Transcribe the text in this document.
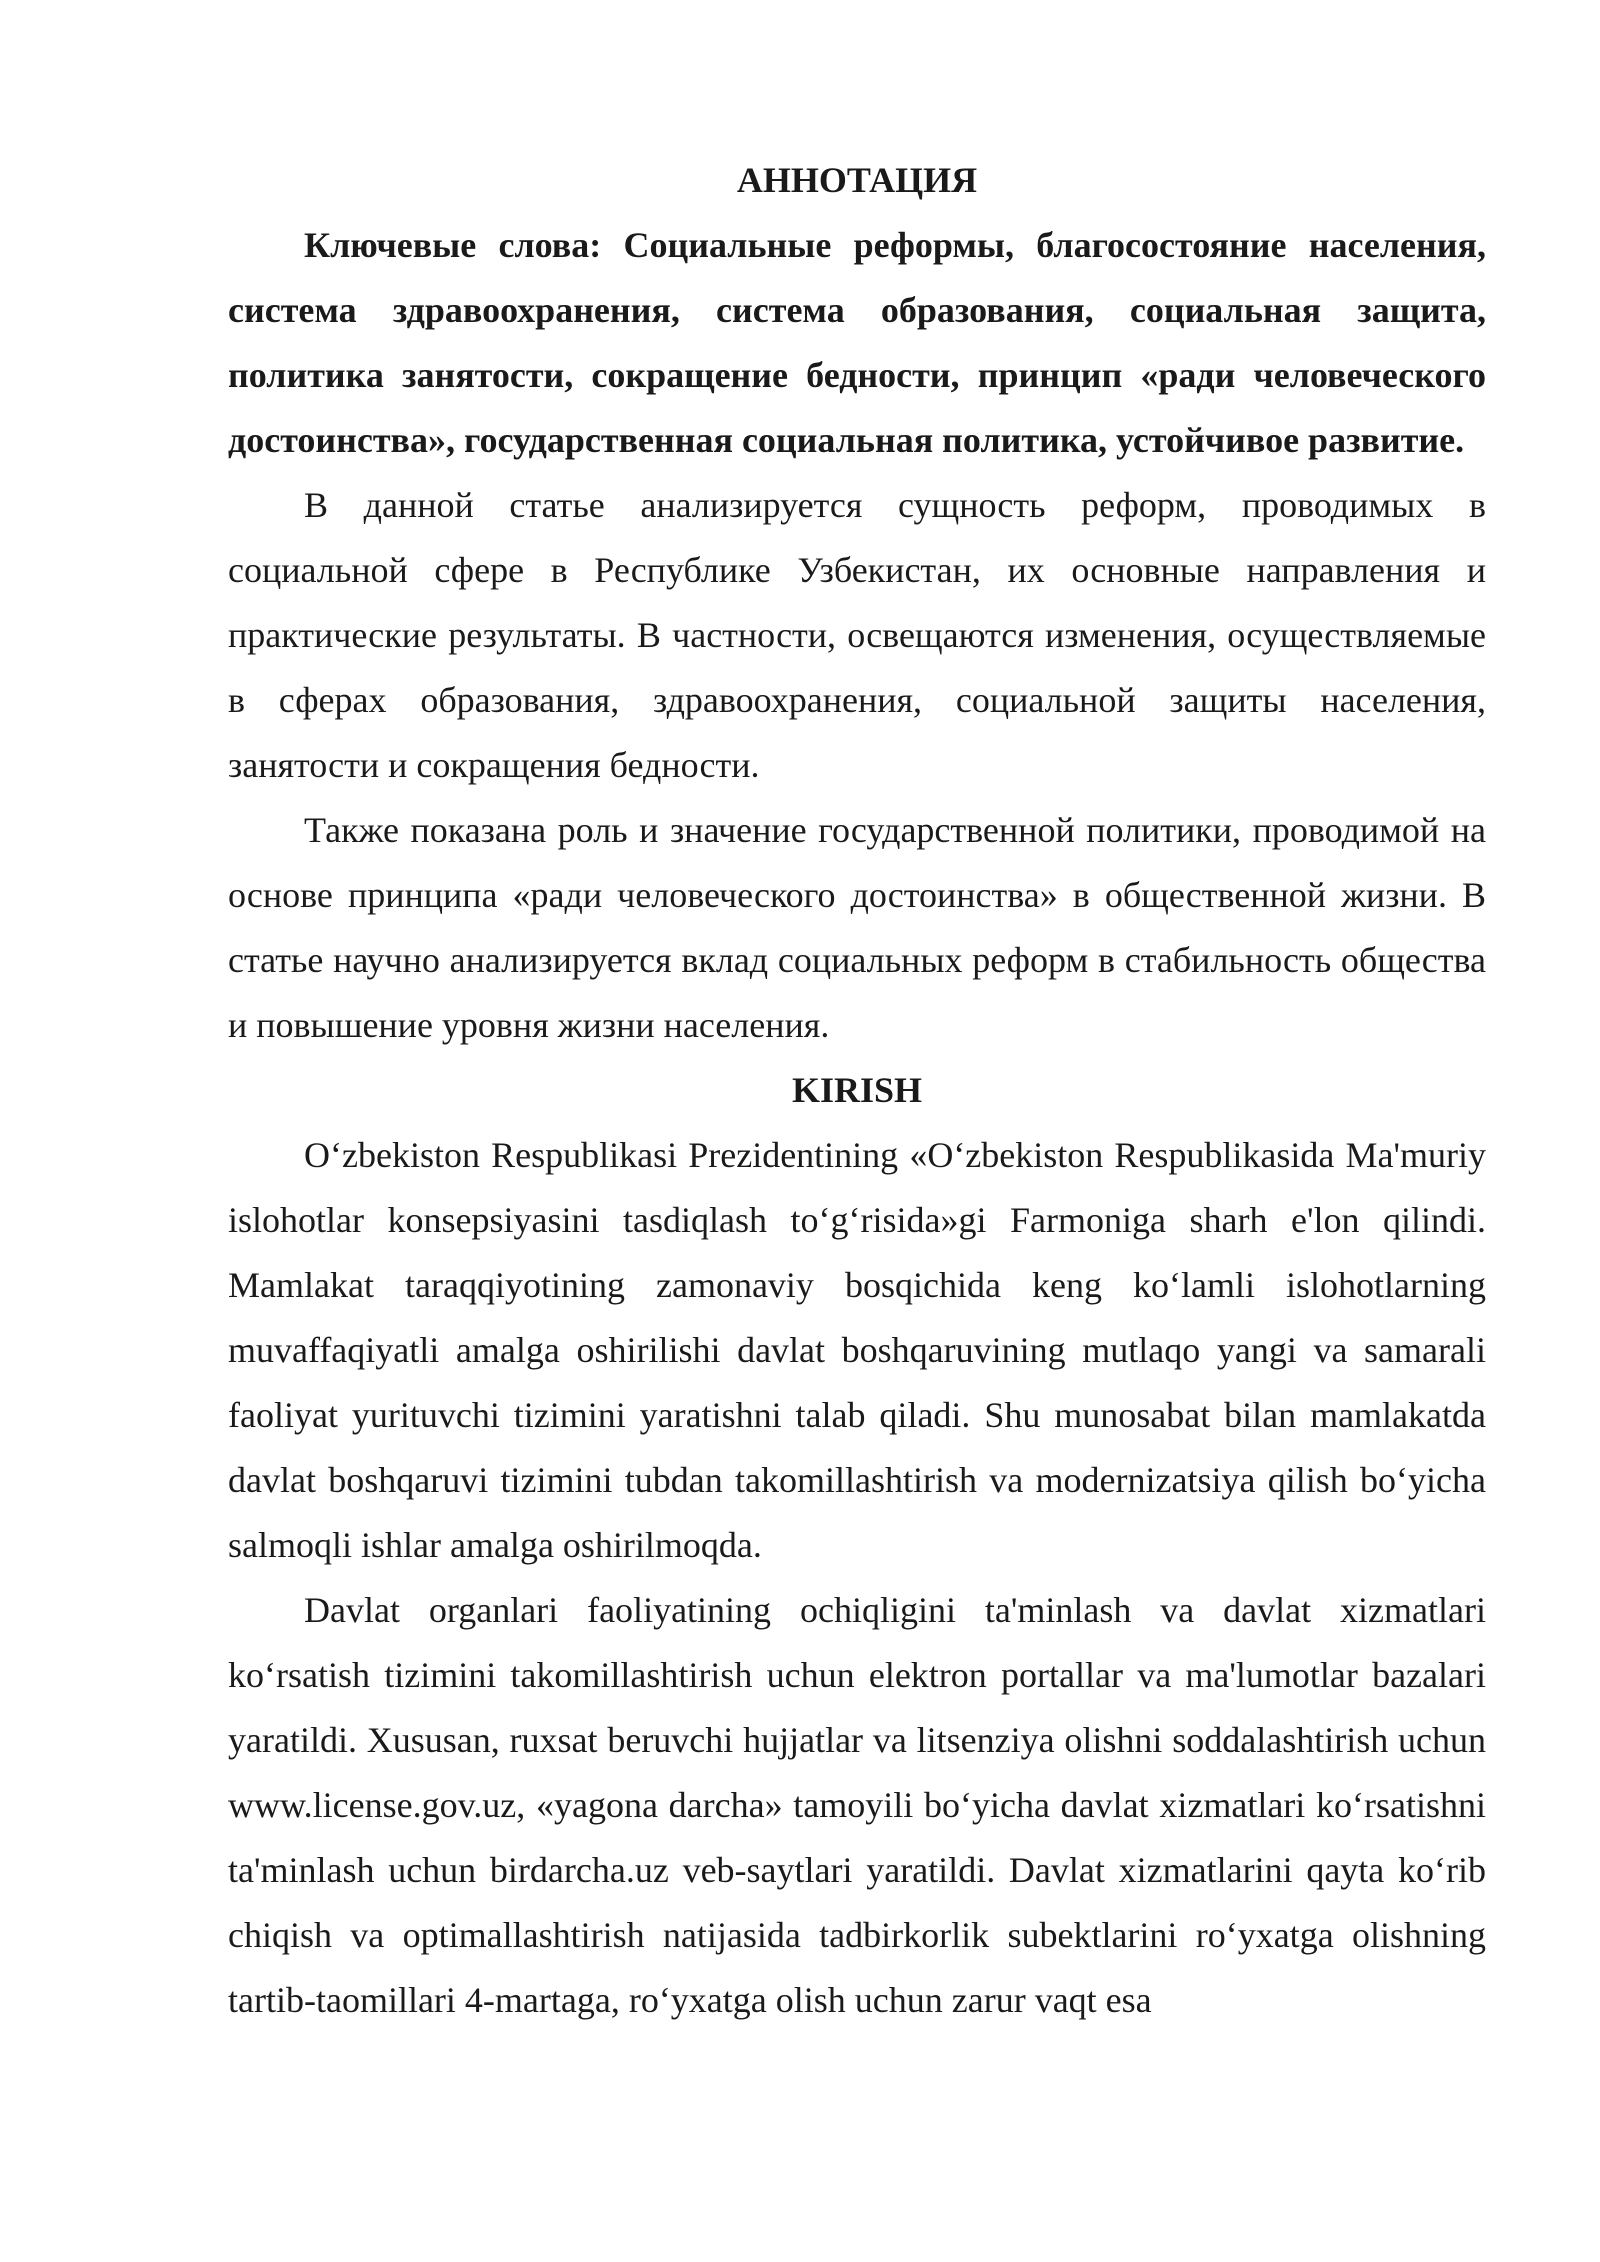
АННОТАЦИЯ

Ключевые слова: Социальные реформы, благосостояние населения, система здравоохранения, система образования, социальная защита, политика занятости, сокращение бедности, принцип «ради человеческого достоинства», государственная социальная политика, устойчивое развитие.

В данной статье анализируется сущность реформ, проводимых в социальной сфере в Республике Узбекистан, их основные направления и практические результаты. В частности, освещаются изменения, осуществляемые в сферах образования, здравоохранения, социальной защиты населения, занятости и сокращения бедности.

Также показана роль и значение государственной политики, проводимой на основе принципа «ради человеческого достоинства» в общественной жизни. В статье научно анализируется вклад социальных реформ в стабильность общества и повышение уровня жизни населения.

KIRISH

O‘zbekiston Respublikasi Prezidentining «O‘zbekiston Respublikasida Ma'muriy islohotlar konsepsiyasini tasdiqlash to‘g‘risida»gi Farmoniga sharh e'lon qilindi. Mamlakat taraqqiyotining zamonaviy bosqichida keng ko‘lamli islohotlarning muvaffaqiyatli amalga oshirilishi davlat boshqaruvining mutlaqo yangi va samarali faoliyat yurituvchi tizimini yaratishni talab qiladi. Shu munosabat bilan mamlakatda davlat boshqaruvi tizimini tubdan takomillashtirish va modernizatsiya qilish bo‘yicha salmoqli ishlar amalga oshirilmoqda.

Davlat organlari faoliyatining ochiqligini ta'minlash va davlat xizmatlari ko‘rsatish tizimini takomillashtirish uchun elektron portallar va ma'lumotlar bazalari yaratildi. Xususan, ruxsat beruvchi hujjatlar va litsenziya olishni soddalashtirish uchun www.license.gov.uz, «yagona darcha» tamoyili bo‘yicha davlat xizmatlari ko‘rsatishni ta'minlash uchun birdarcha.uz veb-saytlari yaratildi. Davlat xizmatlarini qayta ko‘rib chiqish va optimallashtirish natijasida tadbirkorlik subektlarini ro‘yxatga olishning tartib-taomillari 4-martaga, ro‘yxatga olish uchun zarur vaqt esa
